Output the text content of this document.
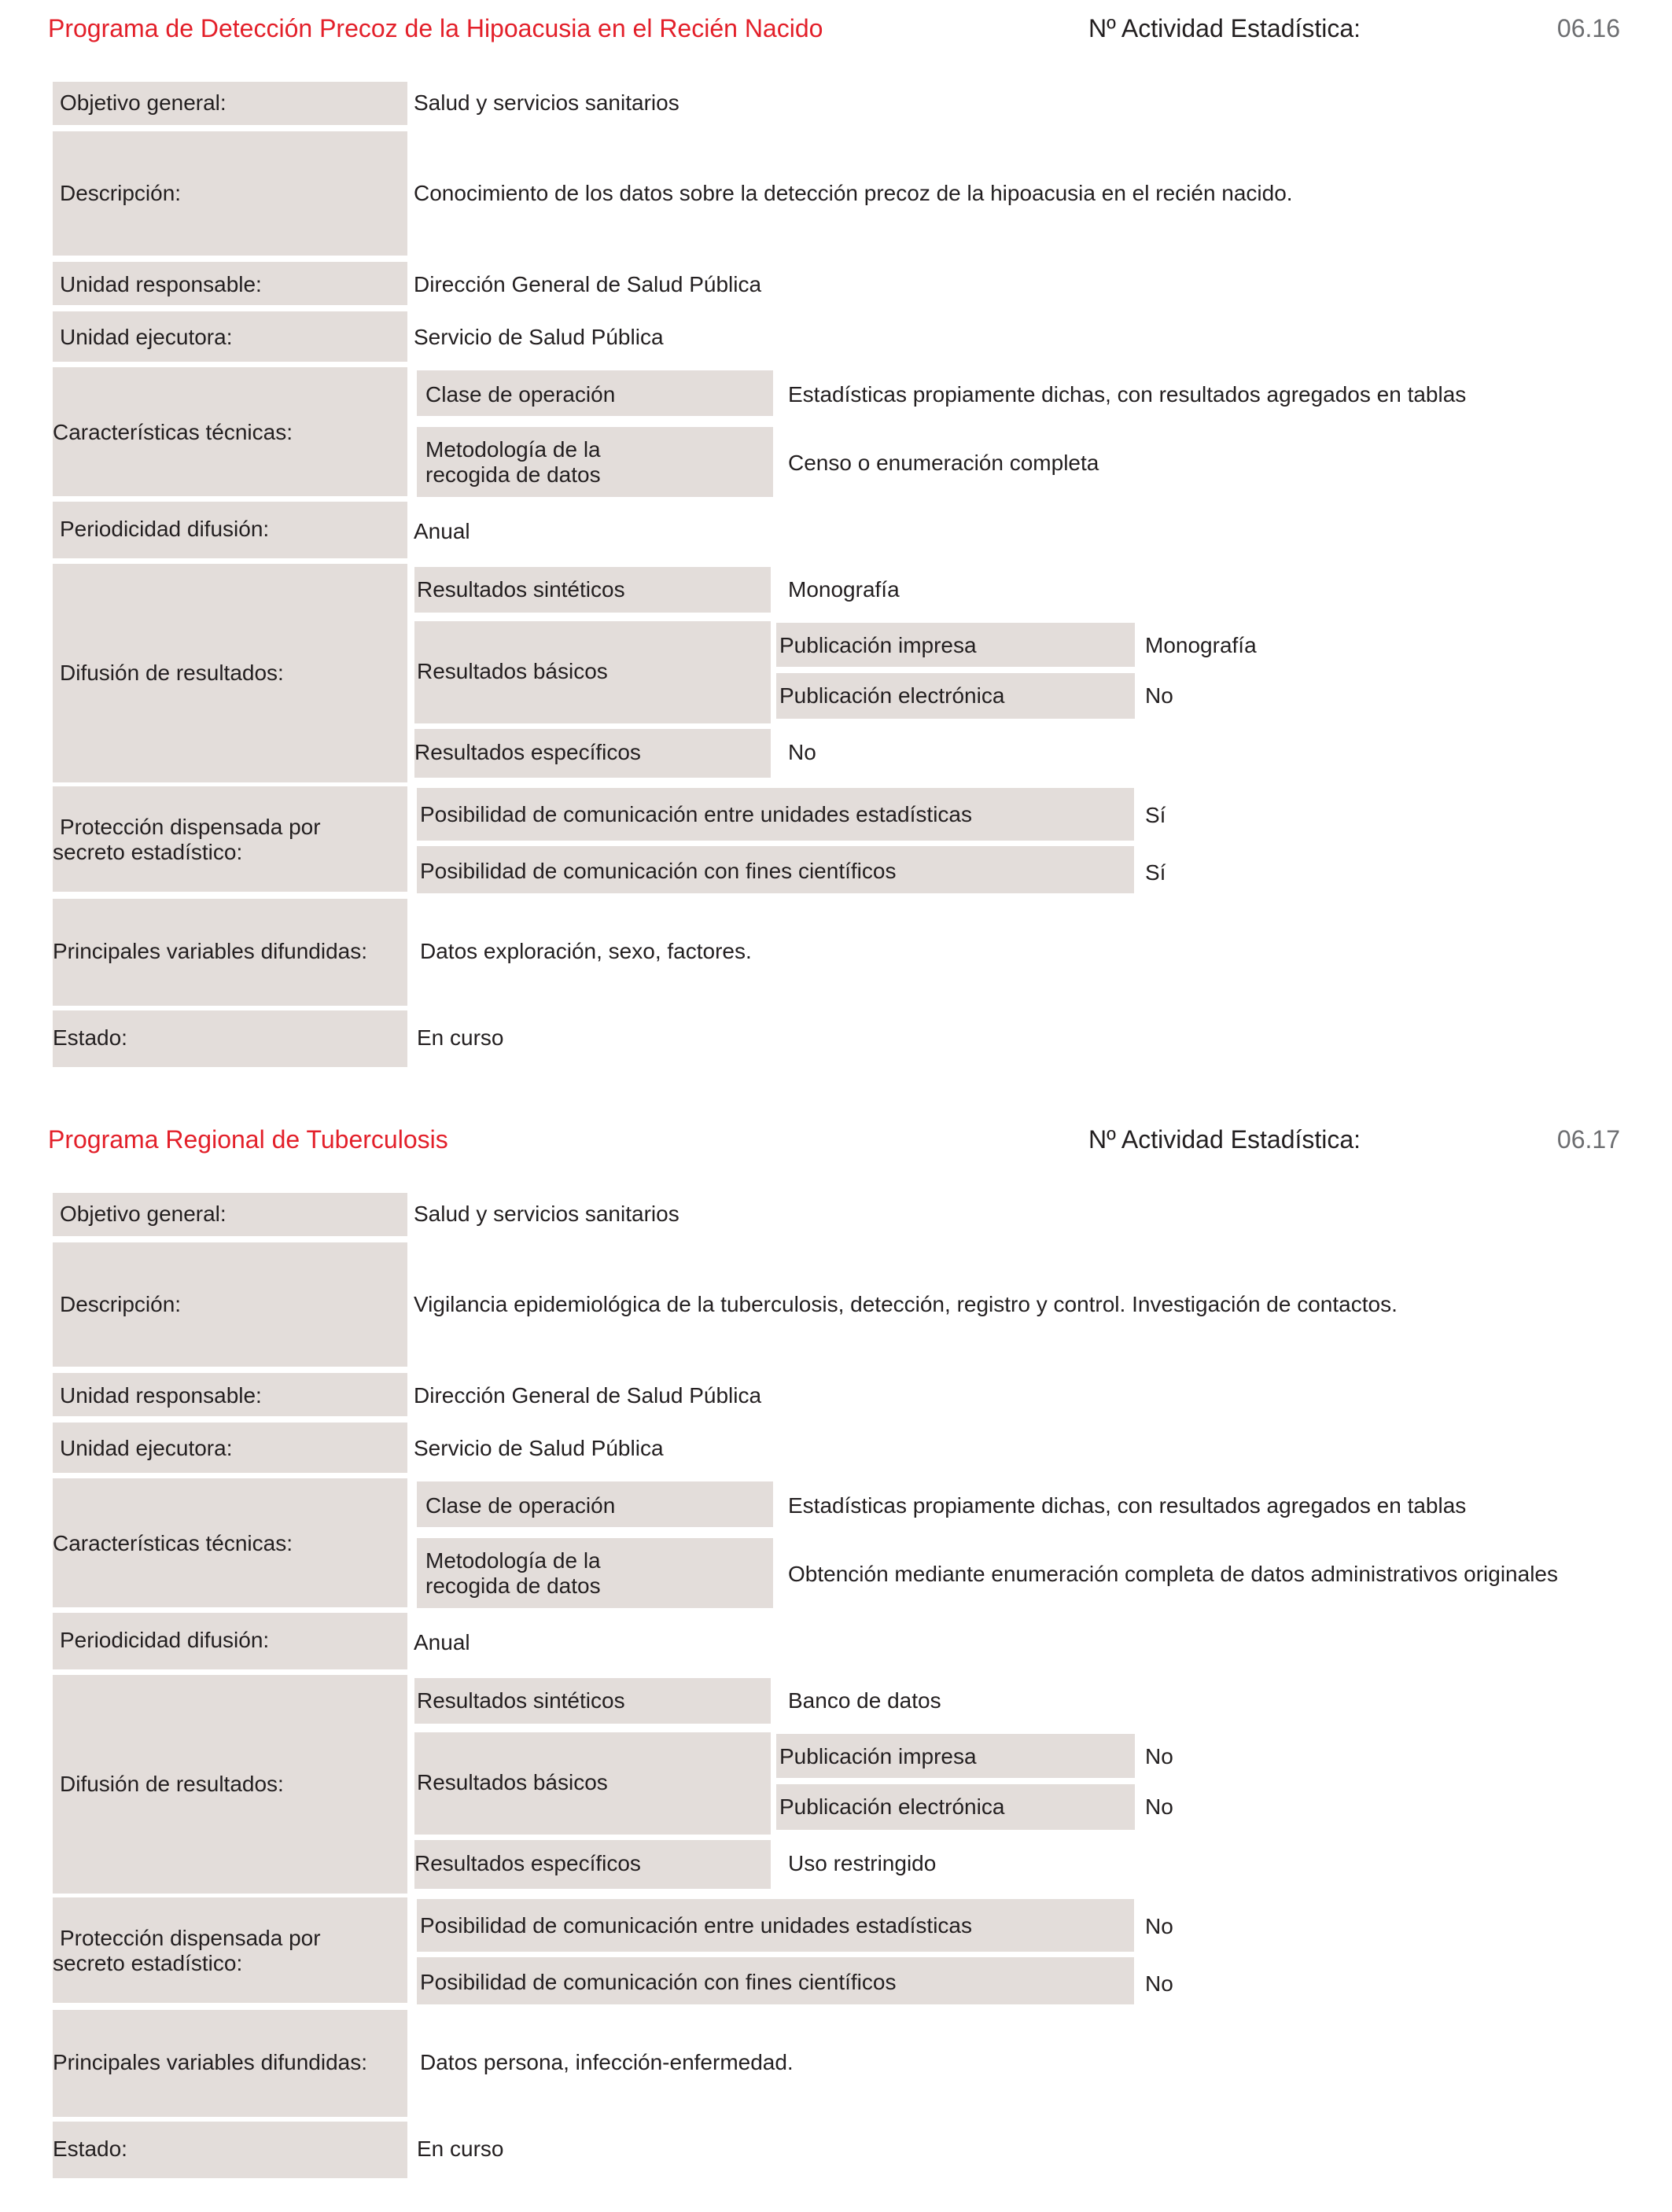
Programa de Detección Precoz de la Hipoacusia en el Recién Nacido	Nº Actividad Estadística:	06.16
Objetivo general:	Salud y servicios sanitarios
Descripción:	Conocimiento de los datos sobre la detección precoz de la hipoacusia en el recién nacido.
Unidad responsable:	Dirección General de Salud Pública
Unidad ejecutora:	Servicio de Salud Pública
Características técnicas:
Clase de operación	Estadísticas propiamente dichas, con resultados agregados en tablas
Metodología de la
recogida de datos	Censo o enumeración completa
Periodicidad difusión:	Anual
Difusión de resultados:
Resultados sintéticos	Monografía
Resultados básicos
Publicación impresa	Monografía
Publicación electrónica	No
Resultados específicos	No
Protección dispensada por
secreto estadístico:
Posibilidad de comunicación entre unidades estadísticas	Sí
Posibilidad de comunicación con fines científicos	Sí
Principales variables difundidas: Datos exploración, sexo, factores.
Estado:	En curso
Programa Regional de Tuberculosis	Nº Actividad Estadística:	06.17
Objetivo general:	Salud y servicios sanitarios
Descripción:	Vigilancia epidemiológica de la tuberculosis, detección, registro y control. Investigación de contactos.
Unidad responsable:	Dirección General de Salud Pública
Unidad ejecutora:	Servicio de Salud Pública
Características técnicas:
Clase de operación	Estadísticas propiamente dichas, con resultados agregados en tablas
Metodología de la
recogida de datos	Obtención mediante enumeración completa de datos administrativos originales
Periodicidad difusión:	Anual
Difusión de resultados:
Resultados sintéticos	Banco de datos
Resultados básicos
Publicación impresa	No
Publicación electrónica	No
Resultados específicos	Uso restringido
Protección dispensada por
secreto estadístico:
Posibilidad de comunicación entre unidades estadísticas	No
Posibilidad de comunicación con fines científicos	No
Principales variables difundidas: Datos persona, infección-enfermedad.
Estado:	En curso
